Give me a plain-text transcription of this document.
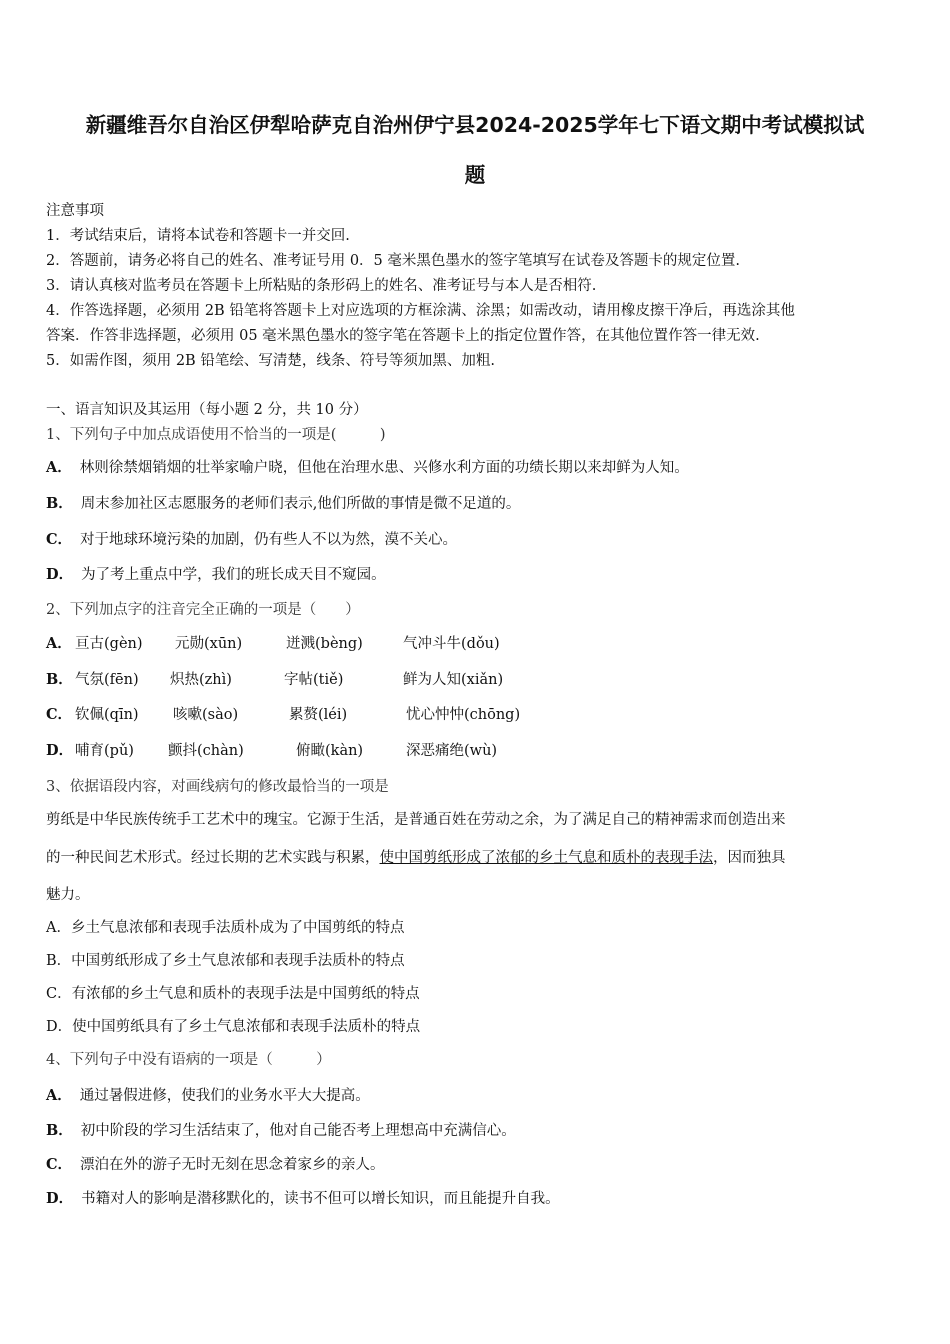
新疆维吾尔自治区伊犁哈萨克自治州伊宁县2024-2025学年七下语文期中考试模拟试
题
注意事项
1．考试结束后，请将本试卷和答题卡一并交回.
2．答题前，请务必将自己的姓名、准考证号用 0．5 毫米黑色墨水的签字笔填写在试卷及答题卡的规定位置.
3．请认真核对监考员在答题卡上所粘贴的条形码上的姓名、准考证号与本人是否相符.
4．作答选择题，必须用 2B 铅笔将答题卡上对应选项的方框涂满、涂黑；如需改动，请用橡皮擦干净后，再选涂其他
答案．作答非选择题，必须用 05 毫米黑色墨水的签字笔在答题卡上的指定位置作答，在其他位置作答一律无效.
5．如需作图，须用 2B 铅笔绘、写清楚，线条、符号等须加黑、加粗.
一、语言知识及其运用（每小题 2 分，共 10 分）
1、下列句子中加点成语使用不恰当的一项是(　　　)
A． 林则徐禁烟销烟的壮举家喻户晓，但他在治理水患、兴修水利方面的功绩长期以来却鲜为人知。
B． 周末参加社区志愿服务的老师们表示,他们所做的事情是微不足道的。
C． 对于地球环境污染的加剧，仍有些人不以为然，漠不关心。
D． 为了考上重点中学，我们的班长成天目不窥园。
2、下列加点字的注音完全正确的一项是（　　）
A． 亘古(gèn) 元勋(xūn)	迸溅(bèng)	气冲斗牛(dǒu)
B． 气氛(fēn) 炽热(zhì)	字帖(tiě)	鲜为人知(xiǎn)
C． 钦佩(qīn) 咳嗽(sào)	累赘(léi)	忧心忡忡(chōng)
D． 哺育(pǔ) 颤抖(chàn)	俯瞰(kàn)	深恶痛绝(wù)
3、依据语段内容，对画线病句的修改最恰当的一项是
剪纸是中华民族传统手工艺术中的瑰宝。它源于生活，是普通百姓在劳动之余，为了满足自己的精神需求而创造出来
的一种民间艺术形式。经过长期的艺术实践与积累，使中国剪纸形成了浓郁的乡土气息和质朴的表现手法，因而独具
魅力。
A．乡土气息浓郁和表现手法质朴成为了中国剪纸的特点
B．中国剪纸形成了乡土气息浓郁和表现手法质朴的特点
C．有浓郁的乡土气息和质朴的表现手法是中国剪纸的特点
D．使中国剪纸具有了乡土气息浓郁和表现手法质朴的特点
4、下列句子中没有语病的一项是（　　　）
A． 通过暑假进修，使我们的业务水平大大提高。
B． 初中阶段的学习生活结束了，他对自己能否考上理想高中充满信心。
C． 漂泊在外的游子无时无刻在思念着家乡的亲人。
D． 书籍对人的影响是潜移默化的，读书不但可以增长知识，而且能提升自我。
